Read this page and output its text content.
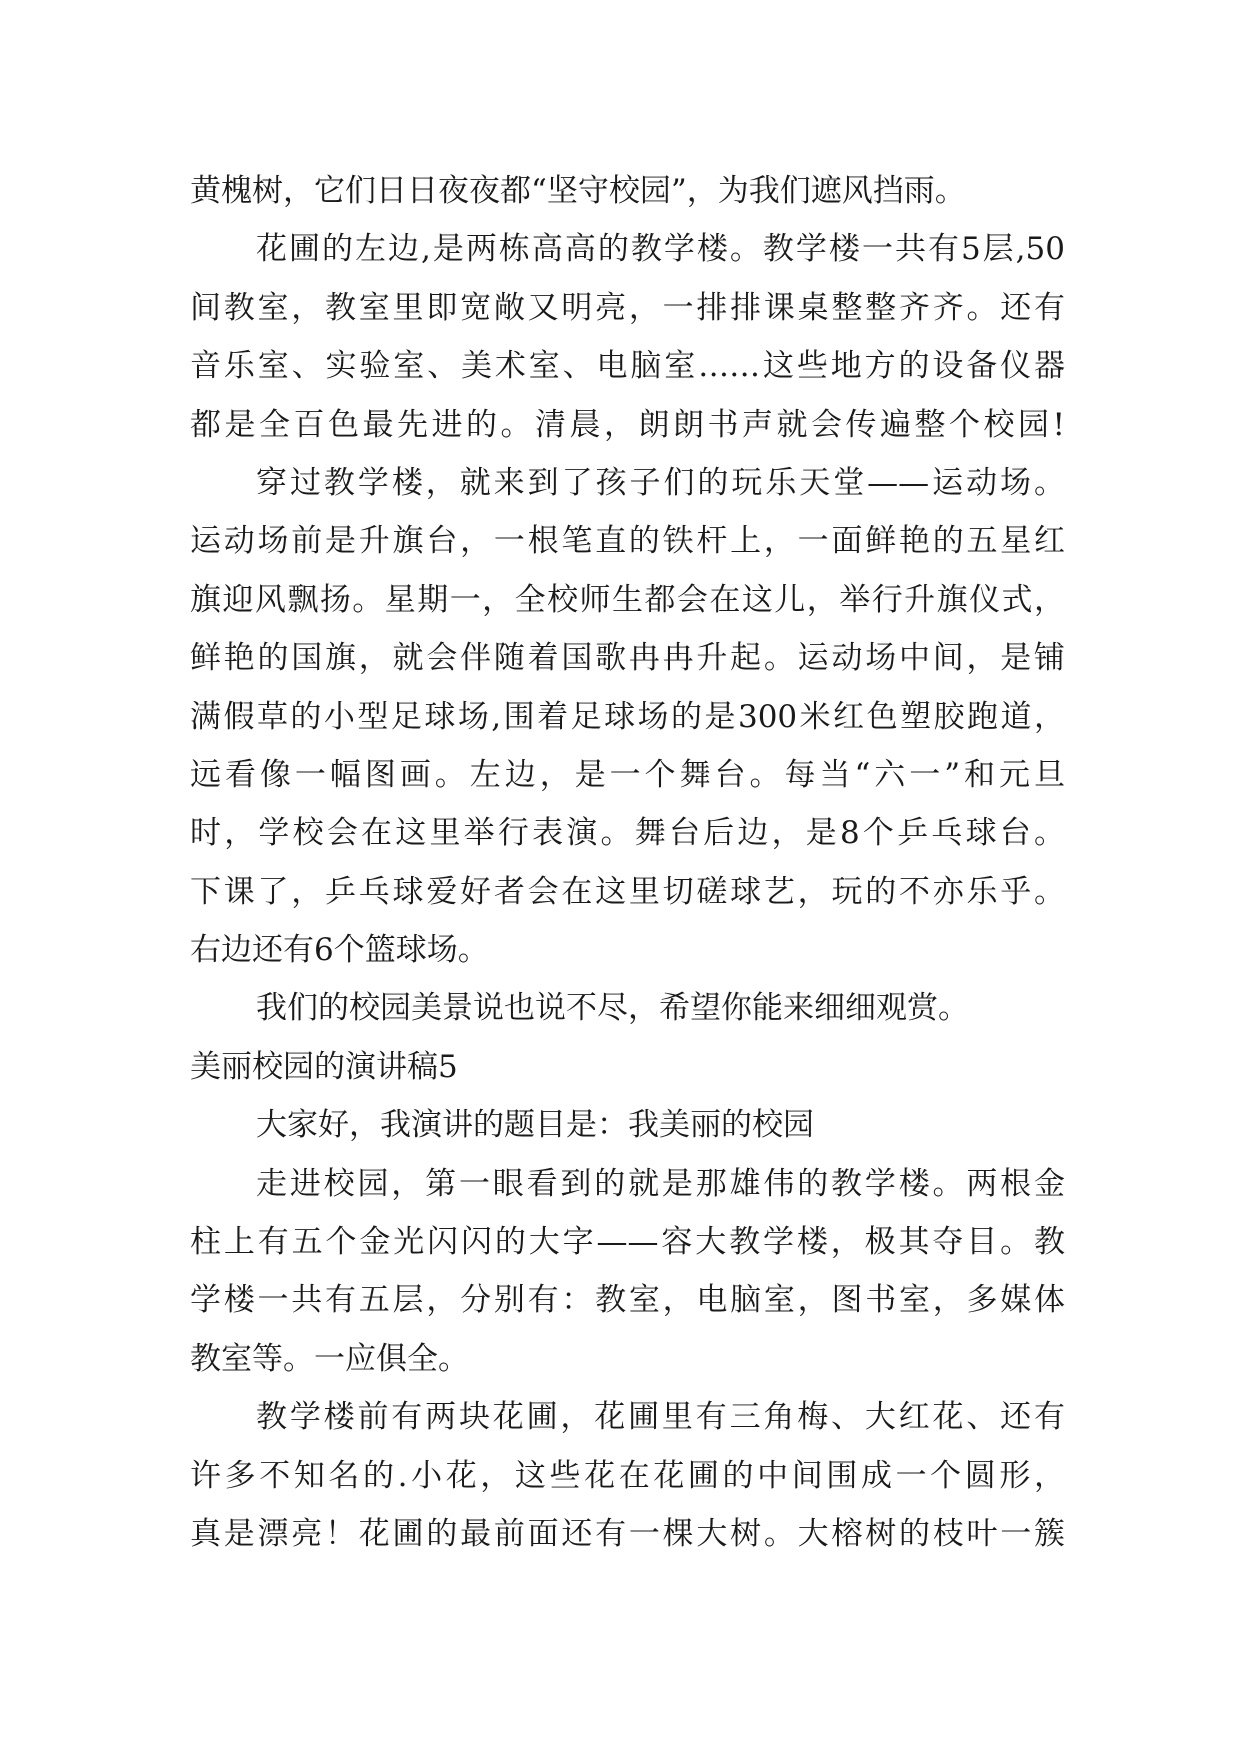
黄槐树，它们日日夜夜都“坚守校园”，为我们遮风挡雨。
花圃的左边,是两栋高高的教学楼。教学楼一共有5层,50
间教室，教室里即宽敞又明亮，一排排课桌整整齐齐。还有
音乐室、实验室、美术室、电脑室……这些地方的设备仪器
都是全百色最先进的。清晨，朗朗书声就会传遍整个校园!
穿过教学楼，就来到了孩子们的玩乐天堂——运动场。
运动场前是升旗台，一根笔直的铁杆上，一面鲜艳的五星红
旗迎风飘扬。星期一，全校师生都会在这儿，举行升旗仪式，
鲜艳的国旗，就会伴随着国歌冉冉升起。运动场中间，是铺
满假草的小型足球场,围着足球场的是300米红色塑胶跑道，
远看像一幅图画。左边，是一个舞台。每当“六一”和元旦
时，学校会在这里举行表演。舞台后边，是8个乒乓球台。
下课了，乒乓球爱好者会在这里切磋球艺，玩的不亦乐乎。
右边还有6个篮球场。
我们的校园美景说也说不尽，希望你能来细细观赏。
美丽校园的演讲稿5
大家好，我演讲的题目是：我美丽的校园
走进校园，第一眼看到的就是那雄伟的教学楼。两根金
柱上有五个金光闪闪的大字——容大教学楼，极其夺目。教
学楼一共有五层，分别有：教室，电脑室，图书室，多媒体
教室等。一应俱全。
教学楼前有两块花圃，花圃里有三角梅、大红花、还有
许多不知名的.小花，这些花在花圃的中间围成一个圆形，
真是漂亮！花圃的最前面还有一棵大树。大榕树的枝叶一簇
